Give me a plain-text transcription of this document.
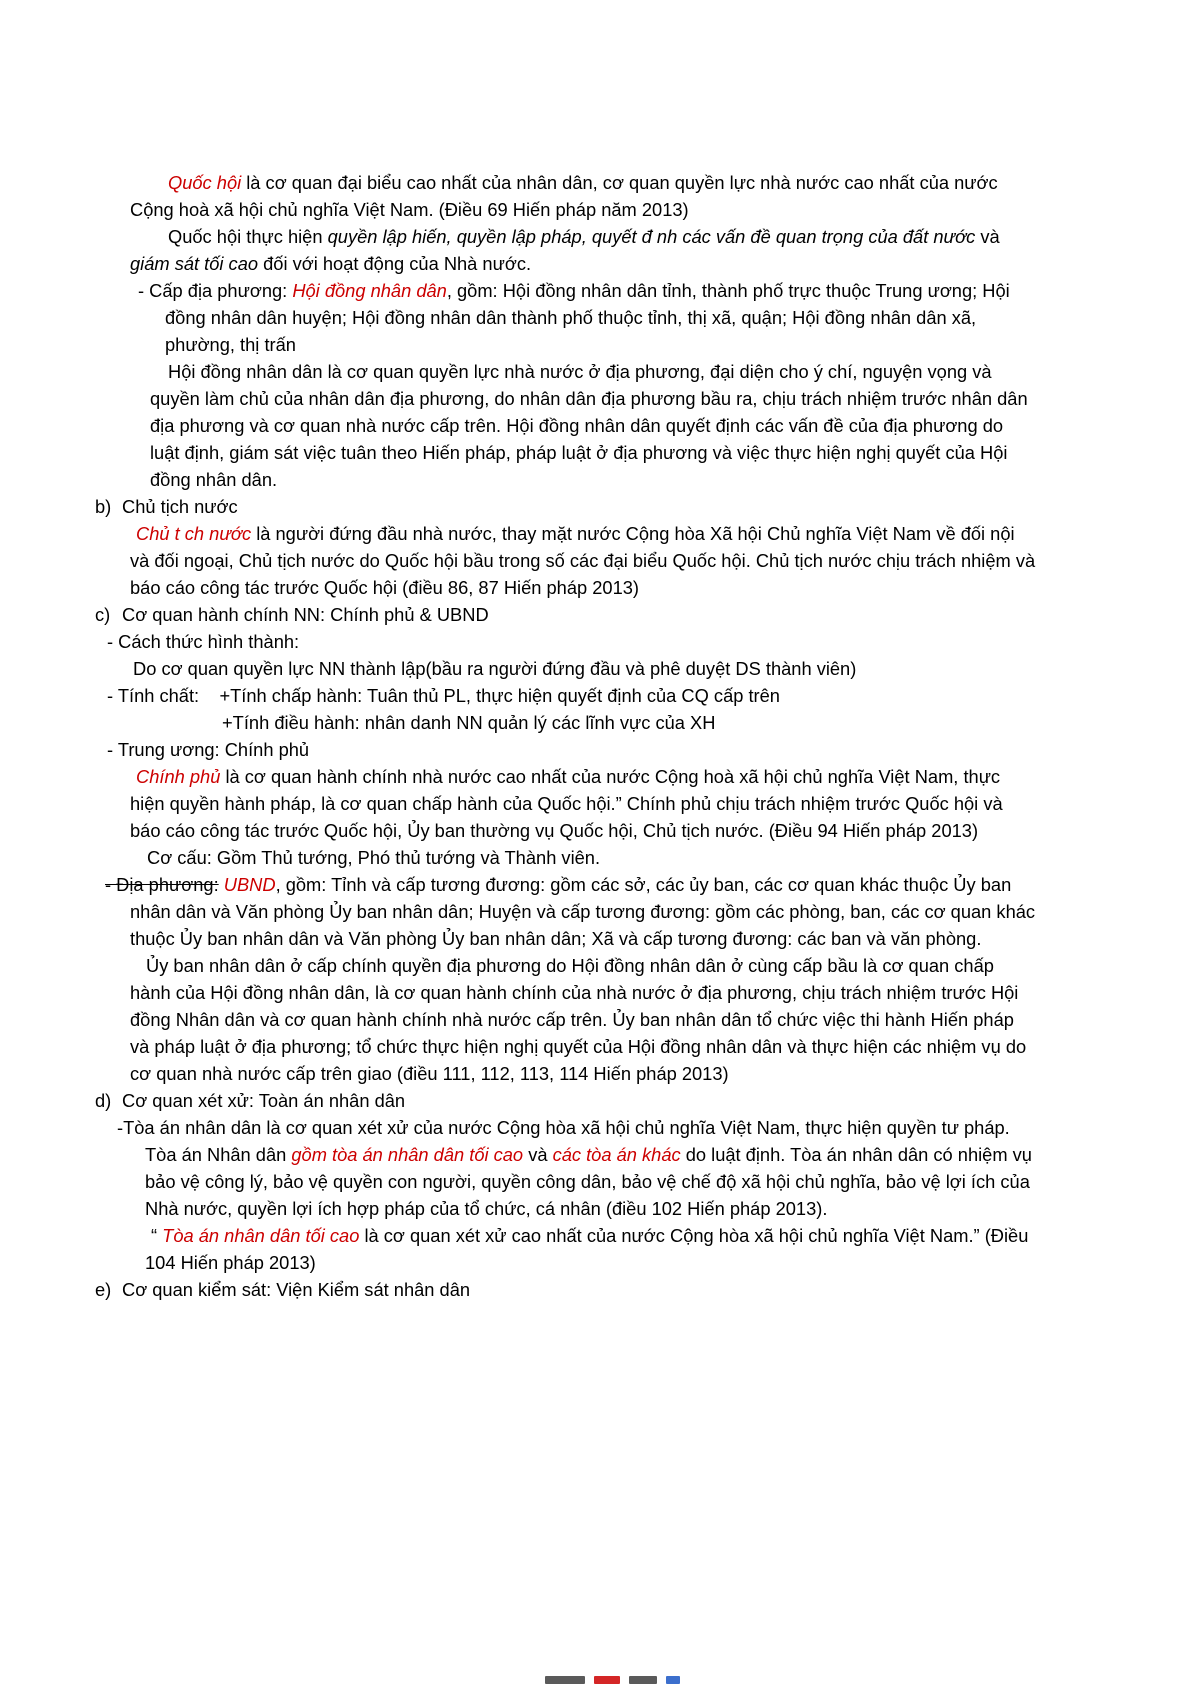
Quốc hội là cơ quan đại biểu cao nhất của nhân dân, cơ quan quyền lực nhà nước cao nhất của nước Cộng hoà xã hội chủ nghĩa Việt Nam. (Điều 69 Hiến pháp năm 2013)
Quốc hội thực hiện quyền lập hiến, quyền lập pháp, quyết đ nh các vấn đề quan trọng của đất nước và giám sát tối cao đối với hoạt động của Nhà nước.
- Cấp địa phương: Hội đồng nhân dân, gồm: Hội đồng nhân dân tỉnh, thành phố trực thuộc Trung ương; Hội đồng nhân dân huyện; Hội đồng nhân dân thành phố thuộc tỉnh, thị xã, quận; Hội đồng nhân dân xã, phường, thị trấn
Hội đồng nhân dân là cơ quan quyền lực nhà nước ở địa phương, đại diện cho ý chí, nguyện vọng và quyền làm chủ của nhân dân địa phương, do nhân dân địa phương bầu ra, chịu trách nhiệm trước nhân dân địa phương và cơ quan nhà nước cấp trên. Hội đồng nhân dân quyết định các vấn đề của địa phương do luật định, giám sát việc tuân theo Hiến pháp, pháp luật ở địa phương và việc thực hiện nghị quyết của Hội đồng nhân dân.
b) Chủ tịch nước
Chủ t ch nước là người đứng đầu nhà nước, thay mặt nước Cộng hòa Xã hội Chủ nghĩa Việt Nam về đối nội và đối ngoại, Chủ tịch nước do Quốc hội bầu trong số các đại biểu Quốc hội. Chủ tịch nước chịu trách nhiệm và báo cáo công tác trước Quốc hội (điều 86, 87 Hiến pháp 2013)
c) Cơ quan hành chính NN: Chính phủ & UBND
- Cách thức hình thành:
Do cơ quan quyền lực NN thành lập(bầu ra người đứng đầu và phê duyệt DS thành viên)
- Tính chất:    +Tính chấp hành: Tuân thủ PL, thực hiện quyết định của CQ cấp trên
+Tính điều hành: nhân danh NN quản lý các lĩnh vực của XH
- Trung ương: Chính phủ
Chính phủ là cơ quan hành chính nhà nước cao nhất của nước Cộng hoà xã hội chủ nghĩa Việt Nam, thực hiện quyền hành pháp, là cơ quan chấp hành của Quốc hội.” Chính phủ chịu trách nhiệm trước Quốc hội và báo cáo công tác trước Quốc hội, Ủy ban thường vụ Quốc hội, Chủ tịch nước. (Điều 94 Hiến pháp 2013)
Cơ cấu: Gồm Thủ tướng, Phó thủ tướng và Thành viên.
- Địa phương: UBND, gồm: Tỉnh và cấp tương đương: gồm các sở, các ủy ban, các cơ quan khác thuộc Ủy ban nhân dân và Văn phòng Ủy ban nhân dân; Huyện và cấp tương đương: gồm các phòng, ban, các cơ quan khác thuộc Ủy ban nhân dân và Văn phòng Ủy ban nhân dân; Xã và cấp tương đương: các ban và văn phòng.
Ủy ban nhân dân ở cấp chính quyền địa phương do Hội đồng nhân dân ở cùng cấp bầu là cơ quan chấp hành của Hội đồng nhân dân, là cơ quan hành chính của nhà nước ở địa phương, chịu trách nhiệm trước Hội đồng Nhân dân và cơ quan hành chính nhà nước cấp trên. Ủy ban nhân dân tổ chức việc thi hành Hiến pháp và pháp luật ở địa phương; tổ chức thực hiện nghị quyết của Hội đồng nhân dân và thực hiện các nhiệm vụ do cơ quan nhà nước cấp trên giao (điều 111, 112, 113, 114 Hiến pháp 2013)
d) Cơ quan xét xử: Toàn án nhân dân
-Tòa án nhân dân là cơ quan xét xử của nước Cộng hòa xã hội chủ nghĩa Việt Nam, thực hiện quyền tư pháp. Tòa án Nhân dân gồm tòa án nhân dân tối cao và các tòa án khác do luật định. Tòa án nhân dân có nhiệm vụ bảo vệ công lý, bảo vệ quyền con người, quyền công dân, bảo vệ chế độ xã hội chủ nghĩa, bảo vệ lợi ích của Nhà nước, quyền lợi ích hợp pháp của tổ chức, cá nhân (điều 102 Hiến pháp 2013).
“ Tòa án nhân dân tối cao là cơ quan xét xử cao nhất của nước Cộng hòa xã hội chủ nghĩa Việt Nam.” (Điều 104 Hiến pháp 2013)
e) Cơ quan kiểm sát: Viện Kiểm sát nhân dân
